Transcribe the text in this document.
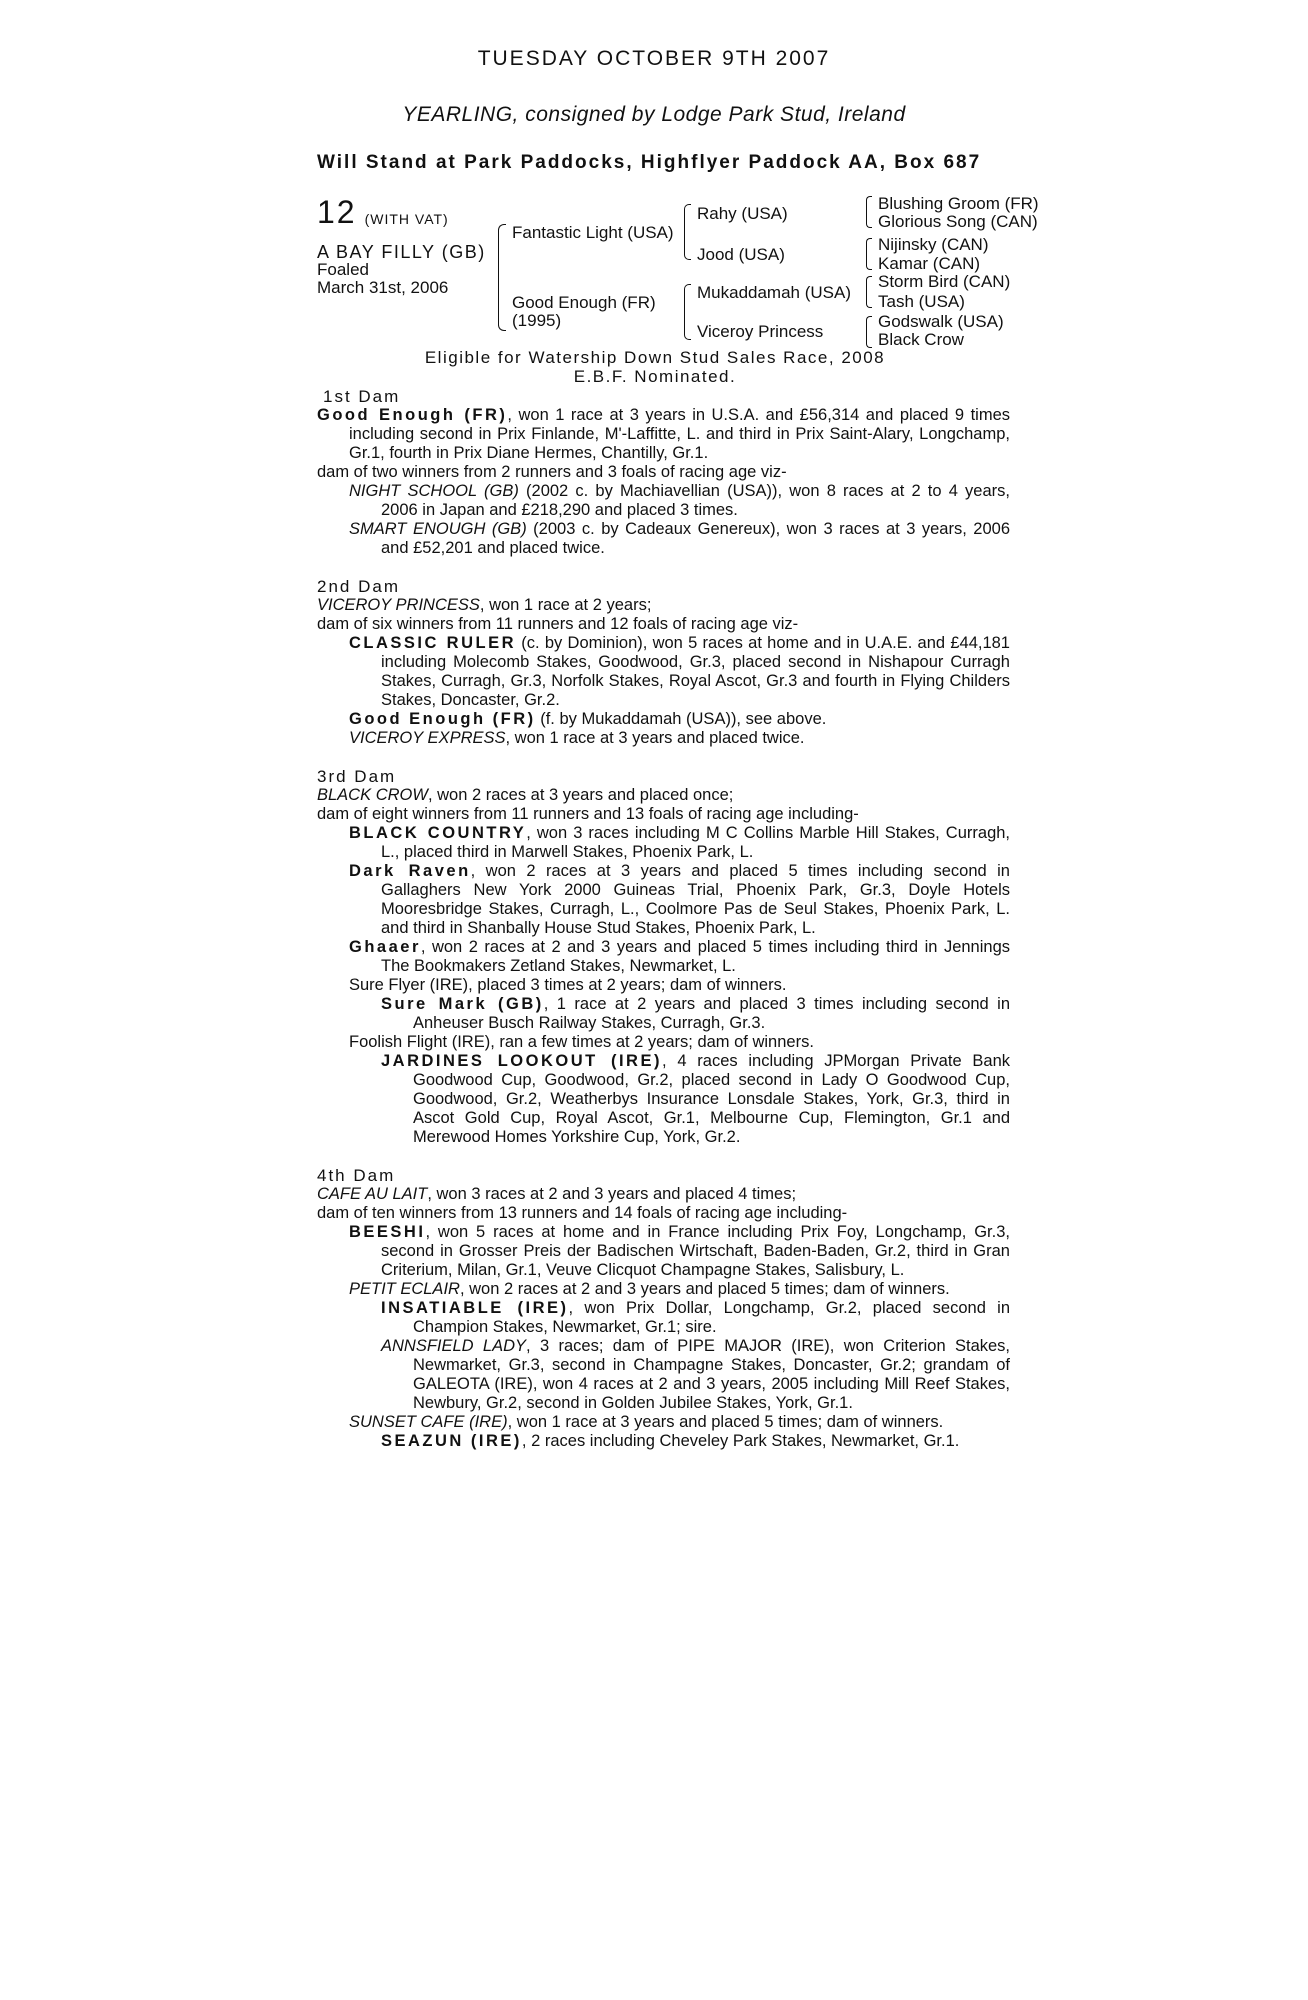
TUESDAY OCTOBER 9TH 2007
YEARLING, consigned by Lodge Park Stud, Ireland
Will Stand at Park Paddocks, Highflyer Paddock AA, Box 687
12 (WITH VAT)
A BAY FILLY (GB)
Foaled
March 31st, 2006
Fantastic Light (USA)
Good Enough (FR)
(1995)
Rahy (USA)
Jood (USA)
Mukaddamah (USA)
Viceroy Princess
Blushing Groom (FR)
Glorious Song (CAN)
Nijinsky (CAN)
Kamar (CAN)
Storm Bird (CAN)
Tash (USA)
Godswalk (USA)
Black Crow
Eligible for Watership Down Stud Sales Race, 2008
E.B.F. Nominated.

1st Dam

Good Enough (FR), won 1 race at 3 years in U.S.A. and £56,314 and placed 9 times including second in Prix Finlande, M'-Laffitte, L. and third in Prix Saint-Alary, Longchamp, Gr.1, fourth in Prix Diane Hermes, Chantilly, Gr.1.

dam of two winners from 2 runners and 3 foals of racing age viz-

NIGHT SCHOOL (GB) (2002 c. by Machiavellian (USA)), won 8 races at 2 to 4 years, 2006 in Japan and £218,290 and placed 3 times.

SMART ENOUGH (GB) (2003 c. by Cadeaux Genereux), won 3 races at 3 years, 2006 and £52,201 and placed twice.

2nd Dam

VICEROY PRINCESS, won 1 race at 2 years;

dam of six winners from 11 runners and 12 foals of racing age viz-

CLASSIC RULER (c. by Dominion), won 5 races at home and in U.A.E. and £44,181 including Molecomb Stakes, Goodwood, Gr.3, placed second in Nishapour Curragh Stakes, Curragh, Gr.3, Norfolk Stakes, Royal Ascot, Gr.3 and fourth in Flying Childers Stakes, Doncaster, Gr.2.

Good Enough (FR) (f. by Mukaddamah (USA)), see above.

VICEROY EXPRESS, won 1 race at 3 years and placed twice.

3rd Dam

BLACK CROW, won 2 races at 3 years and placed once;

dam of eight winners from 11 runners and 13 foals of racing age including-

BLACK COUNTRY, won 3 races including M C Collins Marble Hill Stakes, Curragh, L., placed third in Marwell Stakes, Phoenix Park, L.

Dark Raven, won 2 races at 3 years and placed 5 times including second in Gallaghers New York 2000 Guineas Trial, Phoenix Park, Gr.3, Doyle Hotels Mooresbridge Stakes, Curragh, L., Coolmore Pas de Seul Stakes, Phoenix Park, L. and third in Shanbally House Stud Stakes, Phoenix Park, L.

Ghaaer, won 2 races at 2 and 3 years and placed 5 times including third in Jennings The Bookmakers Zetland Stakes, Newmarket, L.

Sure Flyer (IRE), placed 3 times at 2 years; dam of winners.

Sure Mark (GB), 1 race at 2 years and placed 3 times including second in Anheuser Busch Railway Stakes, Curragh, Gr.3.

Foolish Flight (IRE), ran a few times at 2 years; dam of winners.

JARDINES LOOKOUT (IRE), 4 races including JPMorgan Private Bank Goodwood Cup, Goodwood, Gr.2, placed second in Lady O Goodwood Cup, Goodwood, Gr.2, Weatherbys Insurance Lonsdale Stakes, York, Gr.3, third in Ascot Gold Cup, Royal Ascot, Gr.1, Melbourne Cup, Flemington, Gr.1 and Merewood Homes Yorkshire Cup, York, Gr.2.

4th Dam

CAFE AU LAIT, won 3 races at 2 and 3 years and placed 4 times;

dam of ten winners from 13 runners and 14 foals of racing age including-

BEESHI, won 5 races at home and in France including Prix Foy, Longchamp, Gr.3, second in Grosser Preis der Badischen Wirtschaft, Baden-Baden, Gr.2, third in Gran Criterium, Milan, Gr.1, Veuve Clicquot Champagne Stakes, Salisbury, L.

PETIT ECLAIR, won 2 races at 2 and 3 years and placed 5 times; dam of winners.

INSATIABLE (IRE), won Prix Dollar, Longchamp, Gr.2, placed second in Champion Stakes, Newmarket, Gr.1; sire.

ANNSFIELD LADY, 3 races; dam of PIPE MAJOR (IRE), won Criterion Stakes, Newmarket, Gr.3, second in Champagne Stakes, Doncaster, Gr.2; grandam of GALEOTA (IRE), won 4 races at 2 and 3 years, 2005 including Mill Reef Stakes, Newbury, Gr.2, second in Golden Jubilee Stakes, York, Gr.1.

SUNSET CAFE (IRE), won 1 race at 3 years and placed 5 times; dam of winners.

SEAZUN (IRE), 2 races including Cheveley Park Stakes, Newmarket, Gr.1.
